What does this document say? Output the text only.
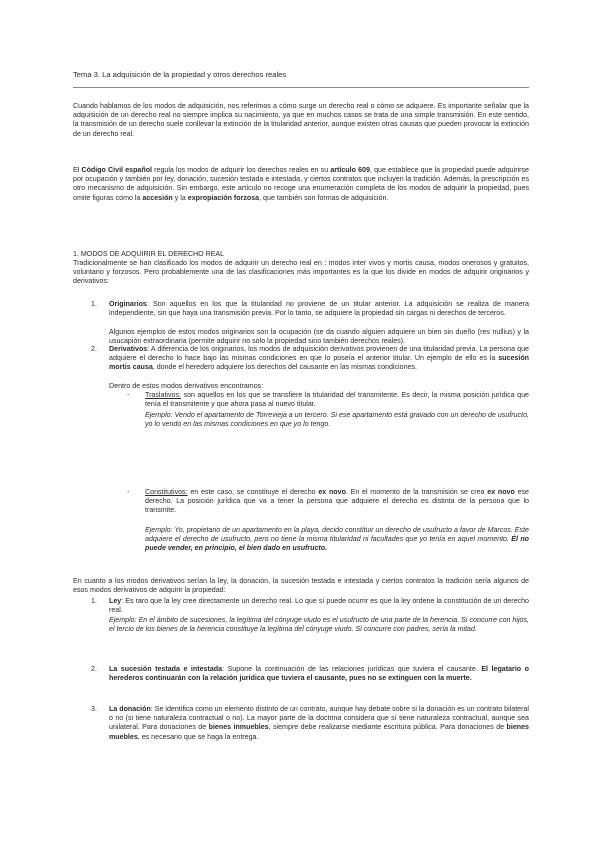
Tema 3. La adquisición de la propiedad y otros derechos reales

Cuando hablamos de los modos de adquisición, nos referimos a cómo surge un derecho real o cómo se adquiere. Es importante señalar que la adquisición de un derecho real no siempre implica su nacimiento, ya que en muchos casos se trata de una simple transmisión. En este sentido, la transmisión de un derecho suele conllevar la extinción de la titularidad anterior, aunque existen otras causas que pueden provocar la extinción de un derecho real.

El Código Civil español regula los modos de adquirir los derechos reales en su artículo 609, que establece que la propiedad puede adquirirse por ocupación y también por ley, donación, sucesión testada e intestada, y ciertos contratos que incluyen la tradición. Además, la prescripción es otro mecanismo de adquisición. Sin embargo, este artículo no recoge una enumeración completa de los modos de adquirir la propiedad, pues omite figuras como la accesión y la expropiación forzosa, que también son formas de adquisición.

1. MODOS DE ADQUIRIR EL DERECHO REAL

Tradicionalmente se han clasificado los modos de adquirir un derecho real en : modos inter vivos y mortis causa, modos onerosos y gratuitos, voluntario y forzosos. Pero probablemente una de las clasificaciones más importantes es la que los divide en modos de adquirir originarios y derivativos:

1. Originarios: Son aquellos en los que la titularidad no proviene de un titular anterior. La adquisición se realiza de manera independiente, sin que haya una transmisión previa. Por lo tanto, se adquiere la propiedad sin cargas ni derechos de terceros.

Algunos ejemplos de estos modos originarios son la ocupación (se da cuando alguien adquiere un bien sin dueño (res nullius) y la usucapión extraordinaria (permite adquirir no solo la propiedad sino también derechos reales).

2. Derivativos: A diferencia de los originarios, los modos de adquisición derivativos provienen de una titularidad previa. La persona que adquiere el derecho lo hace bajo las mismas condiciones en que lo poseía el anterior titular. Un ejemplo de ello es la sucesión mortis causa, donde el heredero adquiere los derechos del causante en las mismas condiciones.

Dentro de estos modos derivativos encontramos:

- Traslativos: son aquellos en los que se transfiere la titularidad del transmitente. Es decir, la misma posición jurídica que tenía el transmitente y que ahora pasa al nuevo titular.

Ejemplo: Vendo el apartamento de Torrevieja a un tercero. Si ese apartamento está gravado con un derecho de usufructo, yo lo vendo en las mismas condiciones en que yo lo tengo.

- Constitutivos: en este caso, se constituye el derecho ex novo. En el momento de la transmisión se crea ex novo ese derecho. La posición jurídica que va a tener la persona que adquiere el derecho es distinta de la persona que lo transmite.

Ejemplo: Yo, propietario de un apartamento en la playa, decido constituir un derecho de usufructo a favor de Marcos. Este adquiere el derecho de usufructo, pero no tiene la misma titularidad ni facultades que yo tenía en aquel momento. Él no puede vender, en principio, el bien dado en usufructo.

En cuanto a los modos derivativos serían la ley, la donación, la sucesión testada e intestada y ciertos contratos la tradición sería algunos de esos modos derivativos de adquirir la propiedad:

1. Ley: Es raro que la ley cree directamente un derecho real. Lo que sí puede ocurrir es que la ley ordene la constitución de un derecho real.

Ejemplo: En el ámbito de sucesiones, la legítima del cónyuge viudo es el usufructo de una parte de la herencia. Si concurre con hijos, el tercio de los bienes de la herencia constituye la legítima del cónyuge viudo. Si concurre con padres, sería la mitad.

2. La sucesión testada e intestada: Supone la continuación de las relaciones jurídicas que tuviera el causante. El legatario o herederos continuarán con la relación jurídica que tuviera el causante, pues no se extinguen con la muerte.

3. La donación: Se identifica como un elemento distinto de un contrato, aunque hay debate sobre si la donación es un contrato bilateral o no (si tiene naturaleza contractual o no). La mayor parte de la doctrina considera que sí tiene naturaleza contractual, aunque sea unilateral. Para donaciones de bienes inmuebles, siempre debe realizarse mediante escritura pública. Para donaciones de bienes muebles, es necesario que se haga la entrega.
